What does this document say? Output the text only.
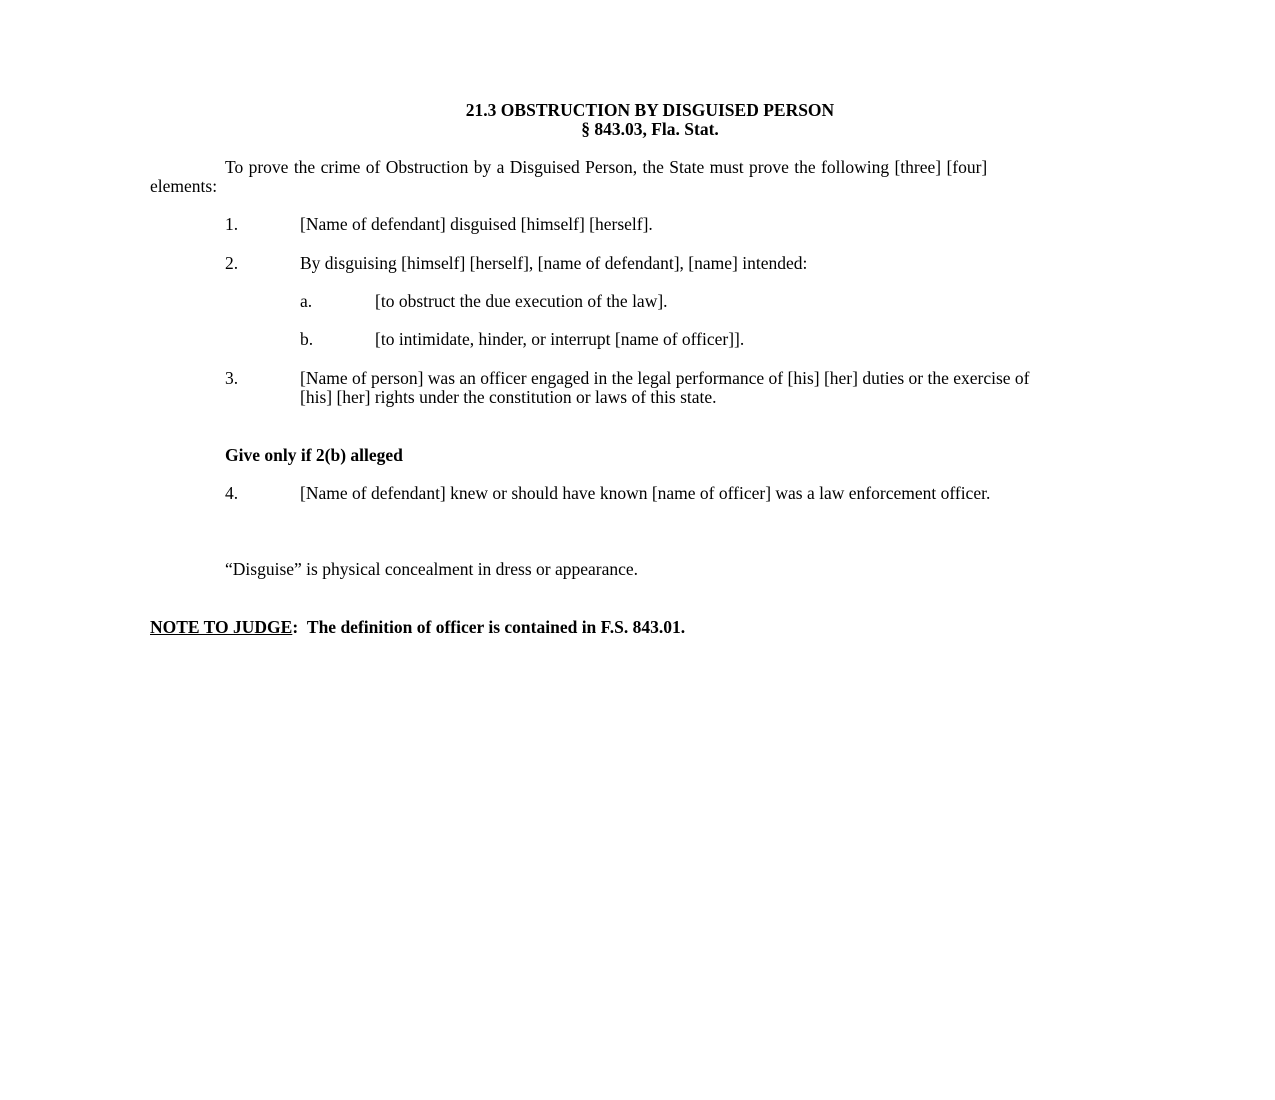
21.3 OBSTRUCTION BY DISGUISED PERSON
§ 843.03, Fla. Stat.
To prove the crime of Obstruction by a Disguised Person, the State must prove the following [three] [four] elements:
1.	[Name of defendant] disguised [himself] [herself].
2.	By disguising [himself] [herself], [name of defendant], [name] intended:
a.	[to obstruct the due execution of the law].
b.	[to intimidate, hinder, or interrupt [name of officer]].
3.	[Name of person] was an officer engaged in the legal performance of [his] [her] duties or the exercise of [his] [her] rights under the constitution or laws of this state.
Give only if 2(b) alleged
4.	[Name of defendant] knew or should have known [name of officer] was a law enforcement officer.
“Disguise” is physical concealment in dress or appearance.
NOTE TO JUDGE: The definition of officer is contained in F.S. 843.01.
